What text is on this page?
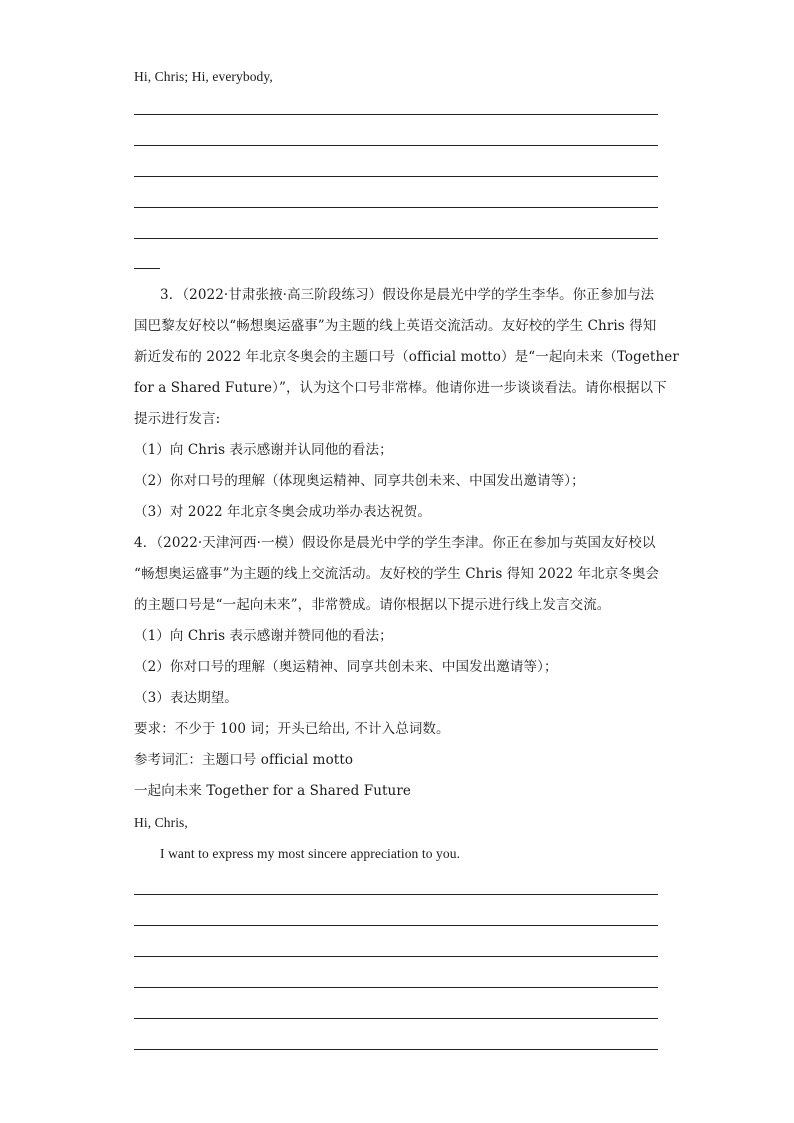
Hi, Chris; Hi, everybody,
3．（2022·甘肃张掖·高三阶段练习）假设你是晨光中学的学生李华。你正参加与法
国巴黎友好校以“畅想奥运盛事”为主题的线上英语交流活动。友好校的学生 Chris 得知
新近发布的 2022 年北京冬奥会的主题口号（official motto）是“一起向未来（Together
for a Shared Future）”，认为这个口号非常棒。他请你进一步谈谈看法。请你根据以下
提示进行发言:
（1）向 Chris 表示感谢并认同他的看法；
（2）你对口号的理解（体现奥运精神、同享共创未来、中国发出邀请等）；
（3）对 2022 年北京冬奥会成功举办表达祝贺。
4．（2022·天津河西·一模）假设你是晨光中学的学生李津。你正在参加与英国友好校以
“畅想奥运盛事”为主题的线上交流活动。友好校的学生 Chris 得知 2022 年北京冬奥会
的主题口号是“一起向未来”，非常赞成。请你根据以下提示进行线上发言交流。
（1）向 Chris 表示感谢并赞同他的看法；
（2）你对口号的理解（奥运精神、同享共创未来、中国发出邀请等）；
（3）表达期望。
要求：不少于 100 词；开头已给出, 不计入总词数。
参考词汇：主题口号 official motto
一起向未来 Together for a Shared Future
Hi, Chris,
I want to express my most sincere appreciation to you.
